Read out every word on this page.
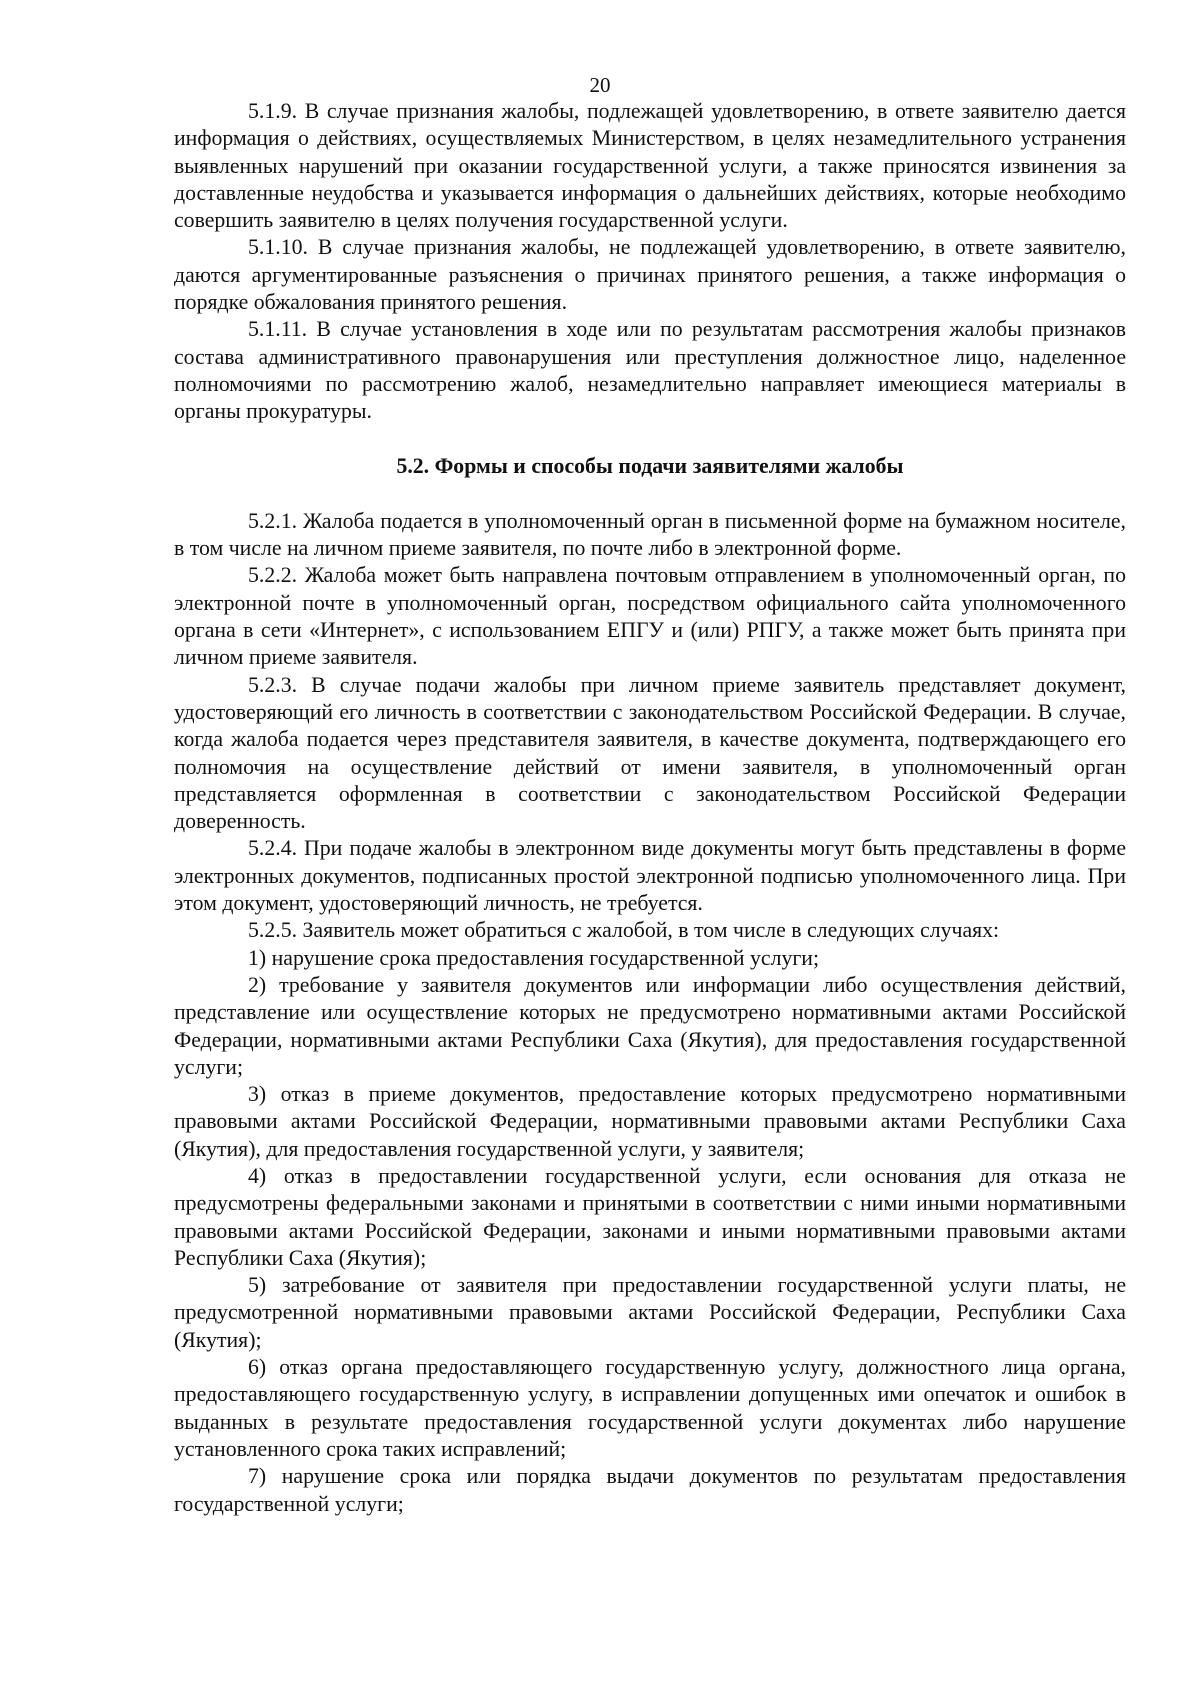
20

5.1.9. В случае признания жалобы, подлежащей удовлетворению, в ответе заявителю дается информация о действиях, осуществляемых Министерством, в целях незамедлительного устранения выявленных нарушений при оказании государственной услуги, а также приносятся извинения за доставленные неудобства и указывается информация о дальнейших действиях, которые необходимо совершить заявителю в целях получения государственной услуги.

5.1.10. В случае признания жалобы, не подлежащей удовлетворению, в ответе заявителю, даются аргументированные разъяснения о причинах принятого решения, а также информация о порядке обжалования принятого решения.

5.1.11. В случае установления в ходе или по результатам рассмотрения жалобы признаков состава административного правонарушения или преступления должностное лицо, наделенное полномочиями по рассмотрению жалоб, незамедлительно направляет имеющиеся материалы в органы прокуратуры.

5.2. Формы и способы подачи заявителями жалобы

5.2.1. Жалоба подается в уполномоченный орган в письменной форме на бумажном носителе, в том числе на личном приеме заявителя, по почте либо в электронной форме.

5.2.2. Жалоба может быть направлена почтовым отправлением в уполномоченный орган, по электронной почте в уполномоченный орган, посредством официального сайта уполномоченного органа в сети «Интернет», с использованием ЕПГУ и (или) РПГУ, а также может быть принята при личном приеме заявителя.

5.2.3. В случае подачи жалобы при личном приеме заявитель представляет документ, удостоверяющий его личность в соответствии с законодательством Российской Федерации. В случае, когда жалоба подается через представителя заявителя, в качестве документа, подтверждающего его полномочия на осуществление действий от имени заявителя, в уполномоченный орган представляется оформленная в соответствии с законодательством Российской Федерации доверенность.

5.2.4. При подаче жалобы в электронном виде документы могут быть представлены в форме электронных документов, подписанных простой электронной подписью уполномоченного лица. При этом документ, удостоверяющий личность, не требуется.

5.2.5. Заявитель может обратиться с жалобой, в том числе в следующих случаях:

1) нарушение срока предоставления государственной услуги;

2) требование у заявителя документов или информации либо осуществления действий, представление или осуществление которых не предусмотрено нормативными актами Российской Федерации, нормативными актами Республики Саха (Якутия), для предоставления государственной услуги;

3) отказ в приеме документов, предоставление которых предусмотрено нормативными правовыми актами Российской Федерации, нормативными правовыми актами Республики Саха (Якутия), для предоставления государственной услуги, у заявителя;

4) отказ в предоставлении государственной услуги, если основания для отказа не предусмотрены федеральными законами и принятыми в соответствии с ними иными нормативными правовыми актами Российской Федерации, законами и иными нормативными правовыми актами Республики Саха (Якутия);

5) затребование от заявителя при предоставлении государственной услуги платы, не предусмотренной нормативными правовыми актами Российской Федерации, Республики Саха (Якутия);

6) отказ органа предоставляющего государственную услугу, должностного лица органа, предоставляющего государственную услугу, в исправлении допущенных ими опечаток и ошибок в выданных в результате предоставления государственной услуги документах либо нарушение установленного срока таких исправлений;

7) нарушение срока или порядка выдачи документов по результатам предоставления государственной услуги;
